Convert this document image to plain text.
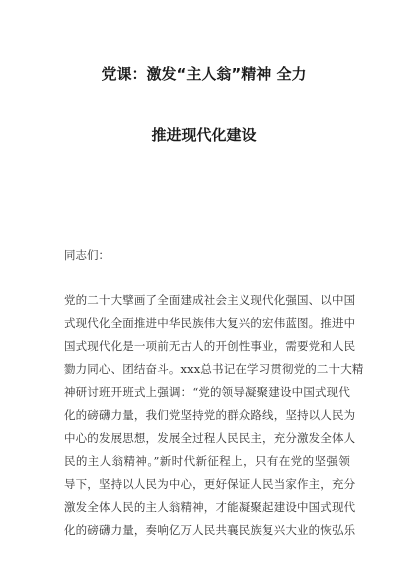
党课：激发“主人翁”精神 全力
推进现代化建设
同志们：
党的二十大擘画了全面建成社会主义现代化强国、以中国
式现代化全面推进中华民族伟大复兴的宏伟蓝图。推进中
国式现代化是一项前无古人的开创性事业，需要党和人民
勠力同心、团结奋斗。xxx总书记在学习贯彻党的二十大精
神研讨班开班式上强调：“党的领导凝聚建设中国式现代
化的磅礴力量，我们党坚持党的群众路线，坚持以人民为
中心的发展思想，发展全过程人民民主，充分激发全体人
民的主人翁精神。”新时代新征程上，只有在党的坚强领
导下，坚持以人民为中心，更好保证人民当家作主，充分
激发全体人民的主人翁精神，才能凝聚起建设中国式现代
化的磅礴力量，奏响亿万人民共襄民族复兴大业的恢弘乐
